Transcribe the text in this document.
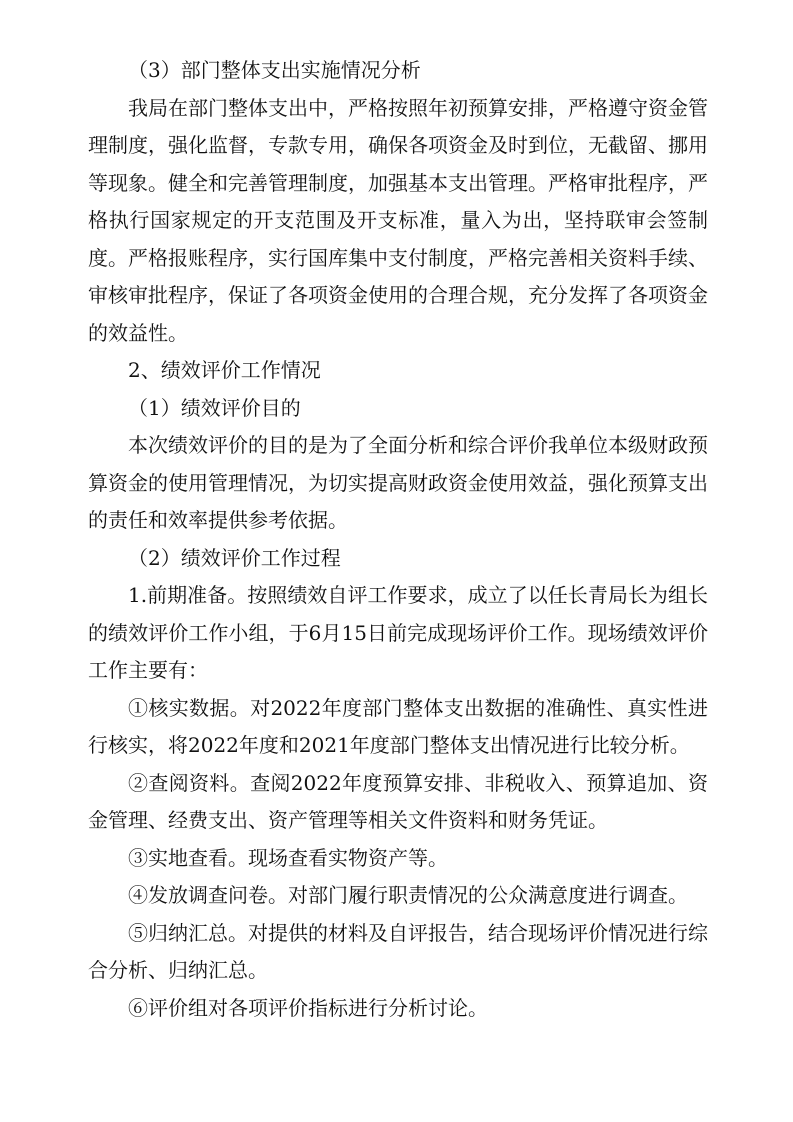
（3）部门整体支出实施情况分析

我局在部门整体支出中，严格按照年初预算安排，严格遵守资金管理制度，强化监督，专款专用，确保各项资金及时到位，无截留、挪用等现象。健全和完善管理制度，加强基本支出管理。严格审批程序，严格执行国家规定的开支范围及开支标准，量入为出，坚持联审会签制度。严格报账程序，实行国库集中支付制度，严格完善相关资料手续、审核审批程序，保证了各项资金使用的合理合规，充分发挥了各项资金的效益性。

2、绩效评价工作情况

（1）绩效评价目的

本次绩效评价的目的是为了全面分析和综合评价我单位本级财政预算资金的使用管理情况，为切实提高财政资金使用效益，强化预算支出的责任和效率提供参考依据。

（2）绩效评价工作过程

1.前期准备。按照绩效自评工作要求，成立了以任长青局长为组长的绩效评价工作小组，于6月15日前完成现场评价工作。现场绩效评价工作主要有：

①核实数据。对2022年度部门整体支出数据的准确性、真实性进行核实，将2022年度和2021年度部门整体支出情况进行比较分析。

②查阅资料。查阅2022年度预算安排、非税收入、预算追加、资金管理、经费支出、资产管理等相关文件资料和财务凭证。

③实地查看。现场查看实物资产等。

④发放调查问卷。对部门履行职责情况的公众满意度进行调查。

⑤归纳汇总。对提供的材料及自评报告，结合现场评价情况进行综合分析、归纳汇总。

⑥评价组对各项评价指标进行分析讨论。
